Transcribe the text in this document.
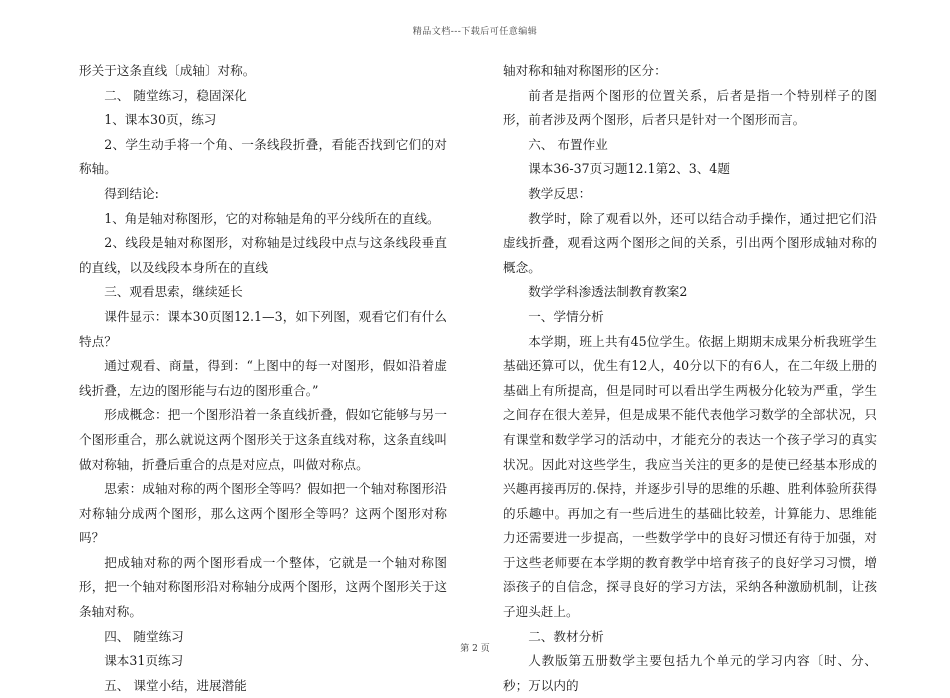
精品文档---下载后可任意编辑

形关于这条直线〔成轴〕对称。

二、 随堂练习，稳固深化

1、课本30页，练习

2、学生动手将一个角、一条线段折叠，看能否找到它们的对称轴。

得到结论:

1、角是轴对称图形，它的对称轴是角的平分线所在的直线。

2、线段是轴对称图形，对称轴是过线段中点与这条线段垂直的直线，以及线段本身所在的直线

三、观看思索，继续延长

课件显示：课本30页图12.1—3，如下列图，观看它们有什么特点？

通过观看、商量，得到：“上图中的每一对图形，假如沿着虚线折叠，左边的图形能与右边的图形重合。”

形成概念：把一个图形沿着一条直线折叠，假如它能够与另一个图形重合，那么就说这两个图形关于这条直线对称，这条直线叫做对称轴，折叠后重合的点是对应点，叫做对称点。

思索：成轴对称的两个图形全等吗？假如把一个轴对称图形沿对称轴分成两个图形，那么这两个图形全等吗？这两个图形对称吗？

把成轴对称的两个图形看成一个整体，它就是一个轴对称图形，把一个轴对称图形沿对称轴分成两个图形，这两个图形关于这条轴对称。

四、 随堂练习

课本31页练习

五、 课堂小结，进展潜能

轴对称和轴对称图形的区分：

前者是指两个图形的位置关系，后者是指一个特别样子的图形，前者涉及两个图形，后者只是针对一个图形而言。

六、 布置作业

课本36-37页习题12.1第2、3、4题

教学反思：

教学时，除了观看以外，还可以结合动手操作，通过把它们沿虚线折叠，观看这两个图形之间的关系，引出两个图形成轴对称的概念。

数学学科渗透法制教育教案2

一、学情分析

本学期，班上共有45位学生。依据上期期末成果分析我班学生基础还算可以，优生有12人，40分以下的有6人，在二年级上册的基础上有所提高，但是同时可以看出学生两极分化较为严重，学生之间存在很大差异，但是成果不能代表他学习数学的全部状况，只有课堂和数学学习的活动中，才能充分的表达一个孩子学习的真实状况。因此对这些学生，我应当关注的更多的是使已经基本形成的兴趣再接再厉的.保持，并逐步引导的思维的乐趣、胜利体验所获得的乐趣中。再加之有一些后进生的基础比较差，计算能力、思维能力还需要进一步提高，一些数学学中的良好习惯还有待于加强，对于这些老师要在本学期的教育教学中培育孩子的良好学习习惯，增添孩子的自信念，探寻良好的学习方法，采纳各种激励机制，让孩子迎头赶上。

二、教材分析

人教版第五册数学主要包括九个单元的学习内容〔时、分、秒；万以内的

第 2 页
